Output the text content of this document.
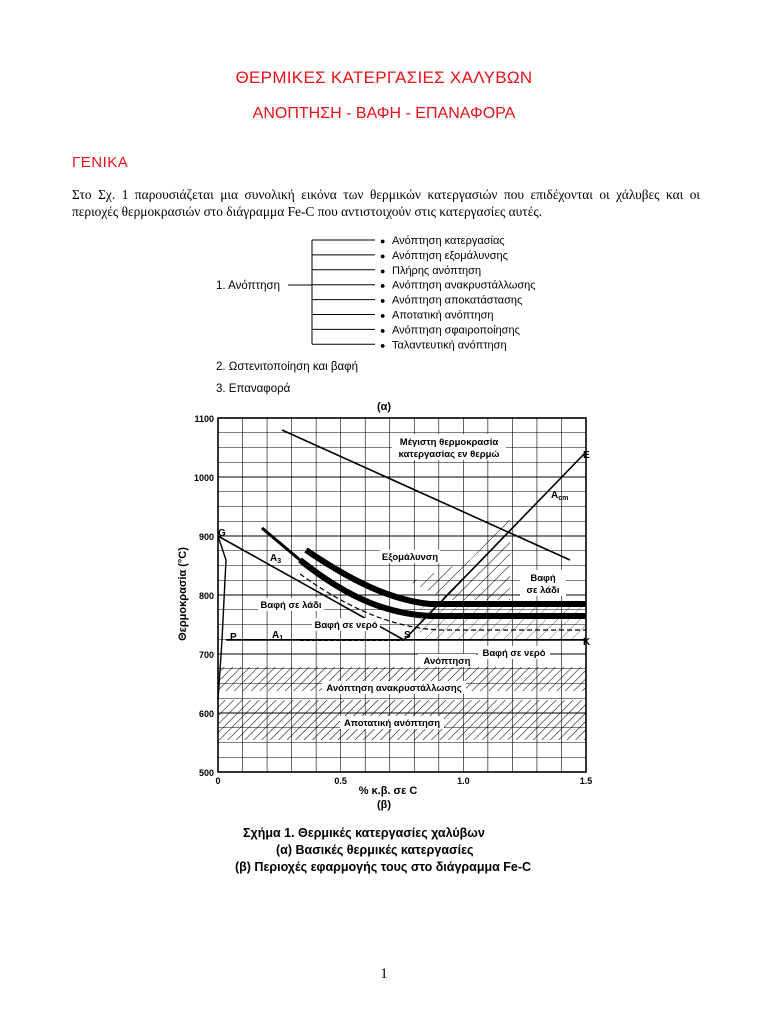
ΘΕΡΜΙΚΕΣ ΚΑΤΕΡΓΑΣΙΕΣ ΧΑΛΥΒΩΝ
ΑΝΟΠΤΗΣΗ - ΒΑΦΗ - ΕΠΑΝΑΦΟΡΑ
ΓΕΝΙΚΑ
Στο Σχ. 1 παρουσιάζεται μια συνολική εικόνα των θερμικών κατεργασιών που επιδέχονται οι χάλυβες και οι περιοχές θερμοκρασιών στο διάγραμμα Fe-C που αντιστοιχούν στις κατεργασίες αυτές.
● Ανόπτηση κατεργασίας
● Ανόπτηση εξομάλυνσης
● Πλήρης ανόπτηση
● Ανόπτηση ανακρυστάλλωσης
● Ανόπτηση αποκατάστασης
● Αποτατική ανόπτηση
● Ανόπτηση σφαιροποίησης
● Ταλαντευτική ανόπτηση
1. Ανόπτηση
2. Ωστενιτοποίηση και βαφή
3. Επαναφορά
(α)
1100
1000
900
800
700
600
500
0	0.5	1.0	1.5
Θερμοκρασία (°C)
% κ.β. σε C
(β)
G
P	S
E
K
$A_1$
$A_3$
$A_{cm}$
Μέγιστη θερμοκρασία
κατεργασίας εν θερμώ
Εξομάλυνση
Βαφή
σε λάδι
Βαφή σε λάδι
Βαφή σε νερό
Βαφή σε νερό
Ανόπτηση
Ανόπτηση ανακρυστάλλωσης
Αποτατική ανόπτηση
Σχήμα 1. Θερμικές κατεργασίες χαλύβων
(α) Βασικές θερμικές κατεργασίες
(β) Περιοχές εφαρμογής τους στο διάγραμμα Fe-C
1
